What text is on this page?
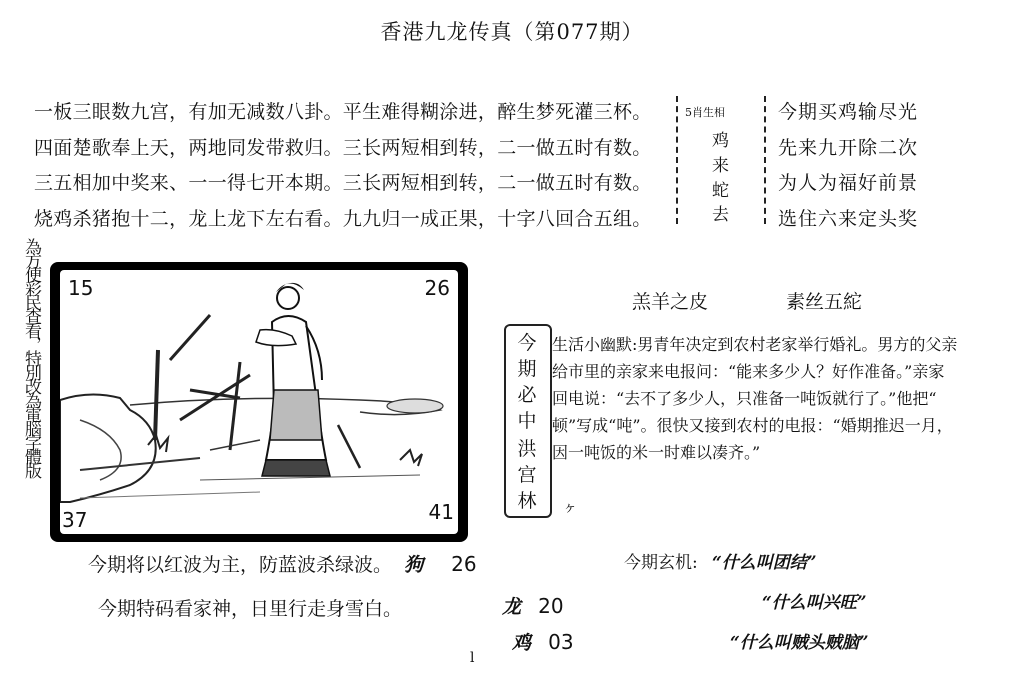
香港九龙传真（第077期）
一板三眼数九宫，有加无减数八卦。平生难得糊涂进，醉生梦死灌三杯。
四面楚歌奉上天，两地同发带救归。三长两短相到转，二一做五时有数。
三五相加中奖来、一一得七开本期。三长两短相到转，二一做五时有数。
烧鸡杀猪抱十二，龙上龙下左右看。九九归一成正果，十字八回合五组。
5肖生相
鸡
来
蛇
去
今期买鸡输尽光
先来九开除二次
为人为福好前景
选住六来定头奖
為方便彩民查看，特別改為電腦字體版 15	26
37	41
羔羊之皮	素丝五紽
今期必中
洪宫林
生活小幽默:男青年决定到农村老家举行婚礼。男方的父亲
给市里的亲家来电报问：“能来多少人？好作准备。”亲家
回电说：“去不了多少人，只准备一吨饭就行了。”他把“
顿”写成“吨”。很快又接到农村的电报：“婚期推迟一月，
因一吨饭的米一时难以凑齐。”
ヶ
今期将以红波为主，防蓝波杀绿波。 狗 26
今期特码看家神，日里行走身雪白。	龙 20
鸡 03
今期玄机: “什么叫团结”
“什么叫兴旺”
“什么叫贼头贼脑”
l
